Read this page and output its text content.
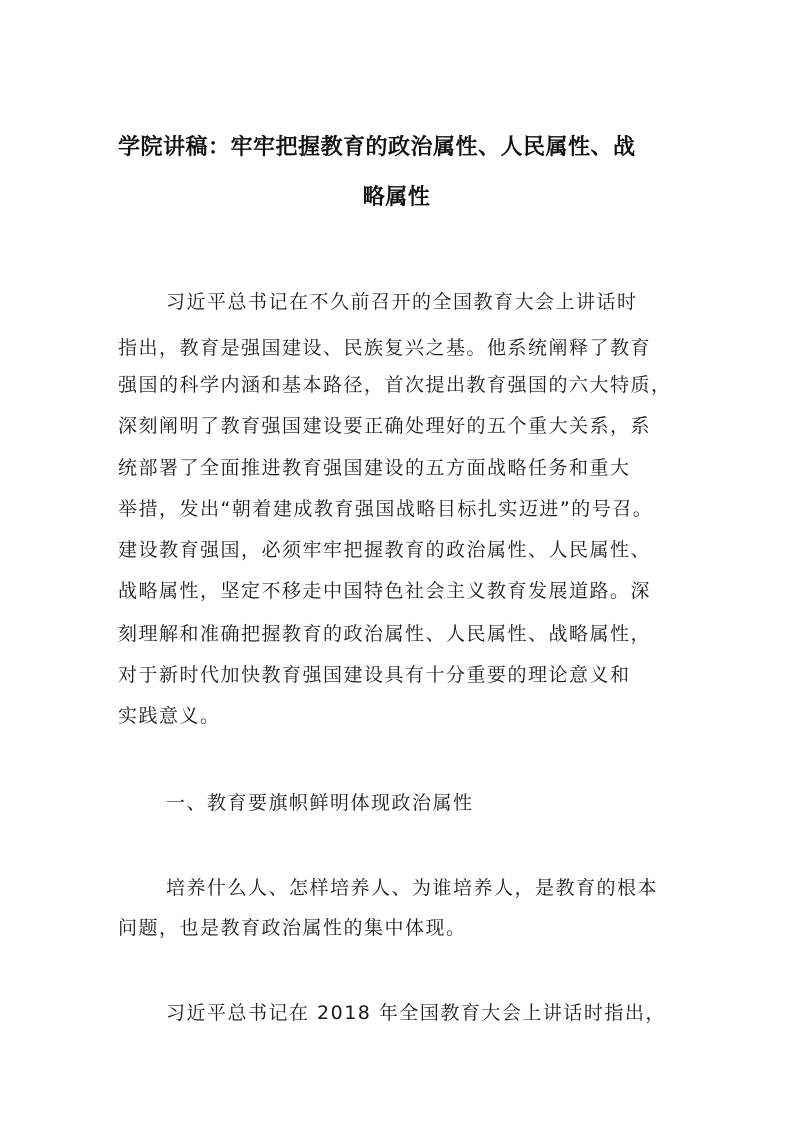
学院讲稿：牢牢把握教育的政治属性、人民属性、战
略属性
习近平总书记在不久前召开的全国教育大会上讲话时
指出，教育是强国建设、民族复兴之基。他系统阐释了教育
强国的科学内涵和基本路径，首次提出教育强国的六大特质，
深刻阐明了教育强国建设要正确处理好的五个重大关系，系
统部署了全面推进教育强国建设的五方面战略任务和重大
举措，发出“朝着建成教育强国战略目标扎实迈进”的号召。
建设教育强国，必须牢牢把握教育的政治属性、人民属性、
战略属性，坚定不移走中国特色社会主义教育发展道路。深
刻理解和准确把握教育的政治属性、人民属性、战略属性，
对于新时代加快教育强国建设具有十分重要的理论意义和
实践意义。
一、教育要旗帜鲜明体现政治属性
培养什么人、怎样培养人、为谁培养人，是教育的根本
问题，也是教育政治属性的集中体现。
习近平总书记在 2018 年全国教育大会上讲话时指出，
